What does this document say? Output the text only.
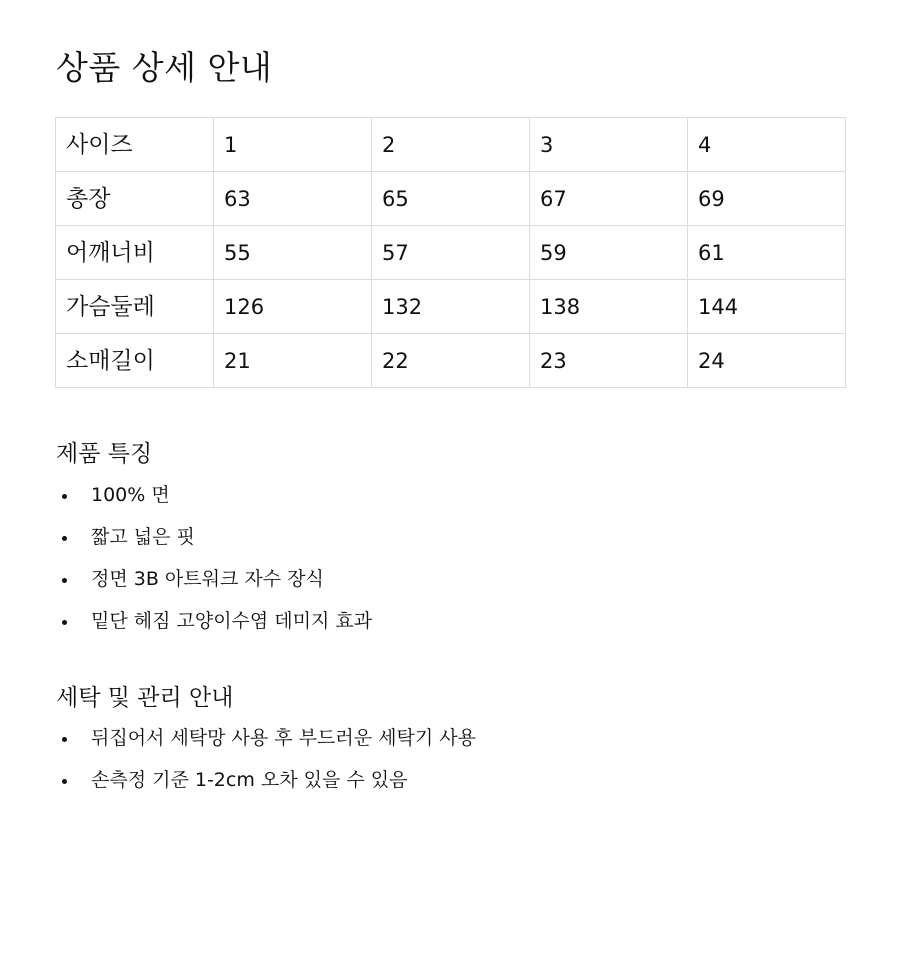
상품 상세 안내
사이즈	1	2	3	4
총장	63	65	67	69
어깨너비	55	57	59	61
가슴둘레	126	132	138	144
소매길이	21	22	23	24
제품 특징
100% 면
짧고 넓은 핏
정면 3B 아트워크 자수 장식
밑단 헤짐 고양이수염 데미지 효과
세탁 및 관리 안내
뒤집어서 세탁망 사용 후 부드러운 세탁기 사용
손측정 기준 1-2cm 오차 있을 수 있음
